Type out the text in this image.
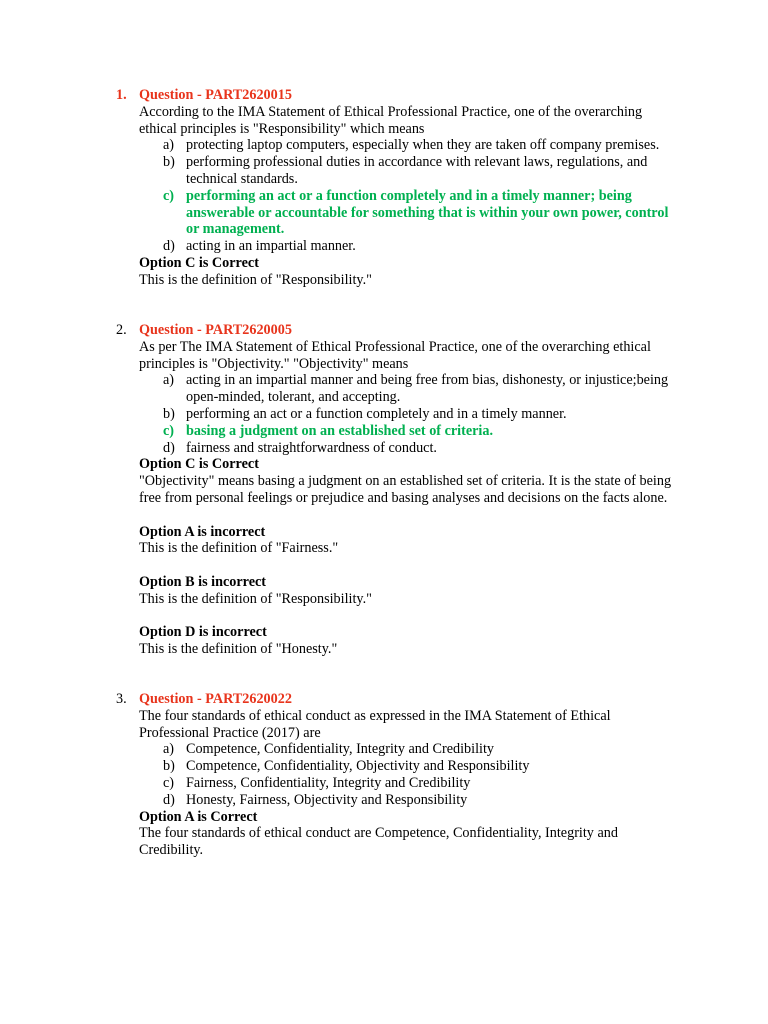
1. Question - PART2620015
According to the IMA Statement of Ethical Professional Practice, one of the overarching ethical principles is "Responsibility" which means
a) protecting laptop computers, especially when they are taken off company premises.
b) performing professional duties in accordance with relevant laws, regulations, and technical standards.
c) performing an act or a function completely and in a timely manner; being answerable or accountable for something that is within your own power, control or management.
d) acting in an impartial manner.
Option C is Correct
This is the definition of "Responsibility."
2. Question - PART2620005
As per The IMA Statement of Ethical Professional Practice, one of the overarching ethical principles is "Objectivity." "Objectivity" means
a) acting in an impartial manner and being free from bias, dishonesty, or injustice;being open-minded, tolerant, and accepting.
b) performing an act or a function completely and in a timely manner.
c) basing a judgment on an established set of criteria.
d) fairness and straightforwardness of conduct.
Option C is Correct
"Objectivity" means basing a judgment on an established set of criteria. It is the state of being free from personal feelings or prejudice and basing analyses and decisions on the facts alone.
Option A is incorrect
This is the definition of "Fairness."
Option B is incorrect
This is the definition of "Responsibility."
Option D is incorrect
This is the definition of "Honesty."
3. Question - PART2620022
The four standards of ethical conduct as expressed in the IMA Statement of Ethical Professional Practice (2017) are
a) Competence, Confidentiality, Integrity and Credibility
b) Competence, Confidentiality, Objectivity and Responsibility
c) Fairness, Confidentiality, Integrity and Credibility
d) Honesty, Fairness, Objectivity and Responsibility
Option A is Correct
The four standards of ethical conduct are Competence, Confidentiality, Integrity and Credibility.
